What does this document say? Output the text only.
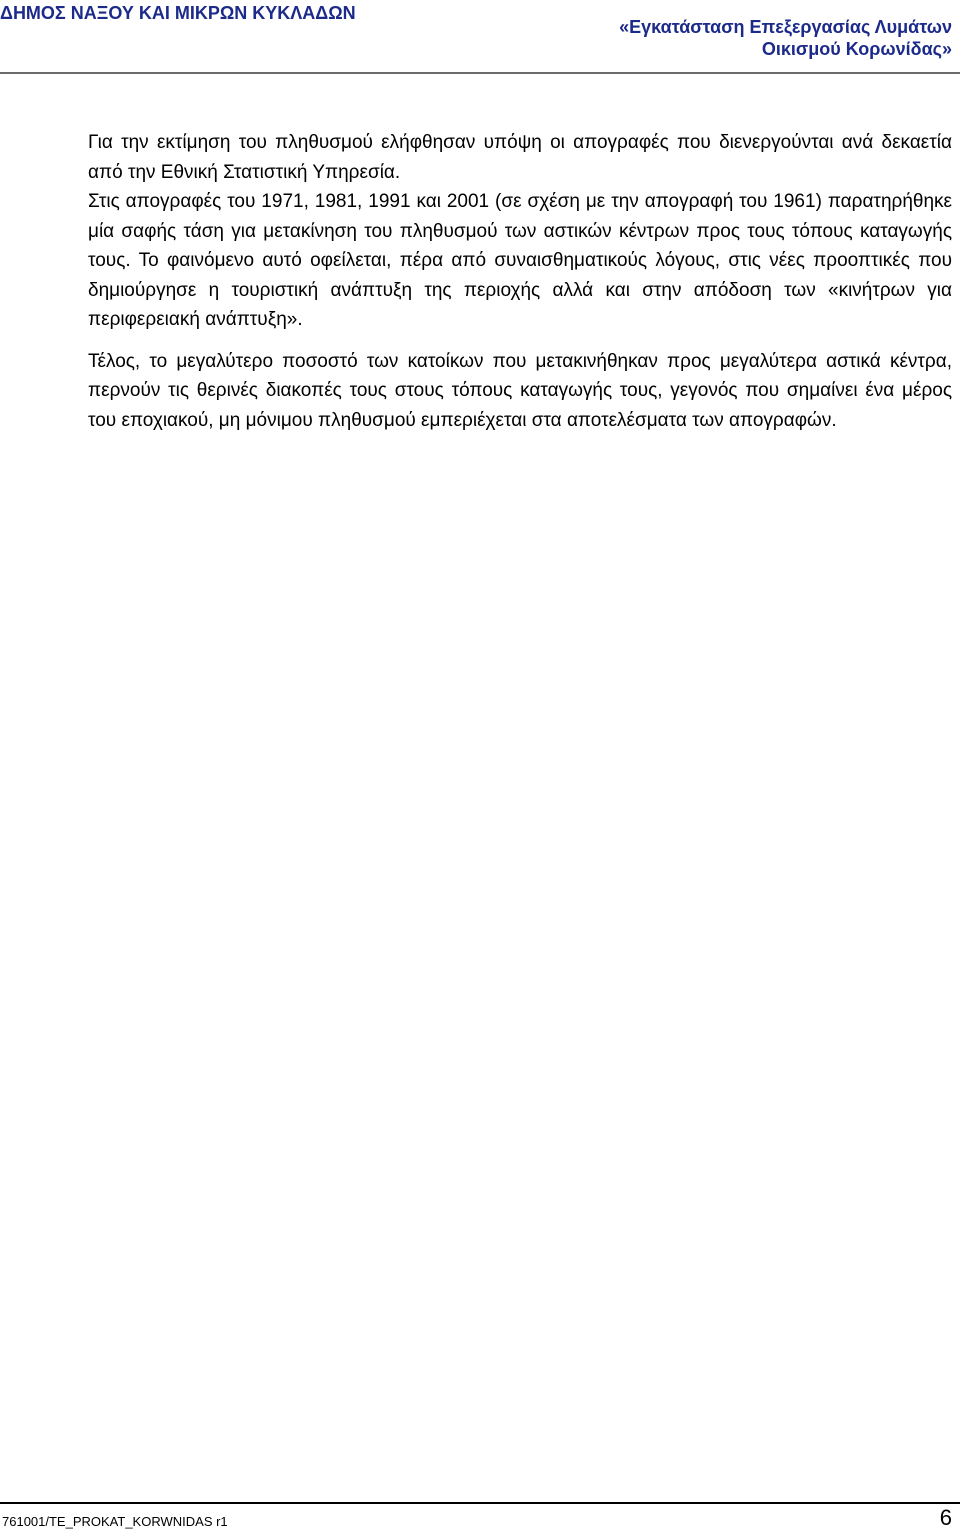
ΔΗΜΟΣ ΝΑΞΟΥ ΚΑΙ ΜΙΚΡΩΝ ΚΥΚΛΑΔΩΝ
«Εγκατάσταση Επεξεργασίας Λυμάτων
Οικισμού Κορωνίδας»

Για την εκτίμηση του πληθυσμού ελήφθησαν υπόψη οι απογραφές που διενεργούνται ανά δεκαετία από την Εθνική Στατιστική Υπηρεσία.

Στις απογραφές του 1971, 1981, 1991 και 2001 (σε σχέση με την απογραφή του 1961) παρατηρήθηκε μία σαφής τάση για μετακίνηση του πληθυσμού των αστικών κέντρων προς τους τόπους καταγωγής τους. Το φαινόμενο αυτό οφείλεται, πέρα από συναισθηματικούς λόγους, στις νέες προοπτικές που δημιούργησε η τουριστική ανάπτυξη της περιοχής αλλά και στην απόδοση των «κινήτρων για περιφερειακή ανάπτυξη».

Τέλος, το μεγαλύτερο ποσοστό των κατοίκων που μετακινήθηκαν προς μεγαλύτερα αστικά κέντρα, περνούν τις θερινές διακοπές τους στους τόπους καταγωγής τους, γεγονός που σημαίνει ένα μέρος του εποχιακού, μη μόνιμου πληθυσμού εμπεριέχεται στα αποτελέσματα των απογραφών.

761001/TE_PROKAT_KORWNIDAS r1	6
